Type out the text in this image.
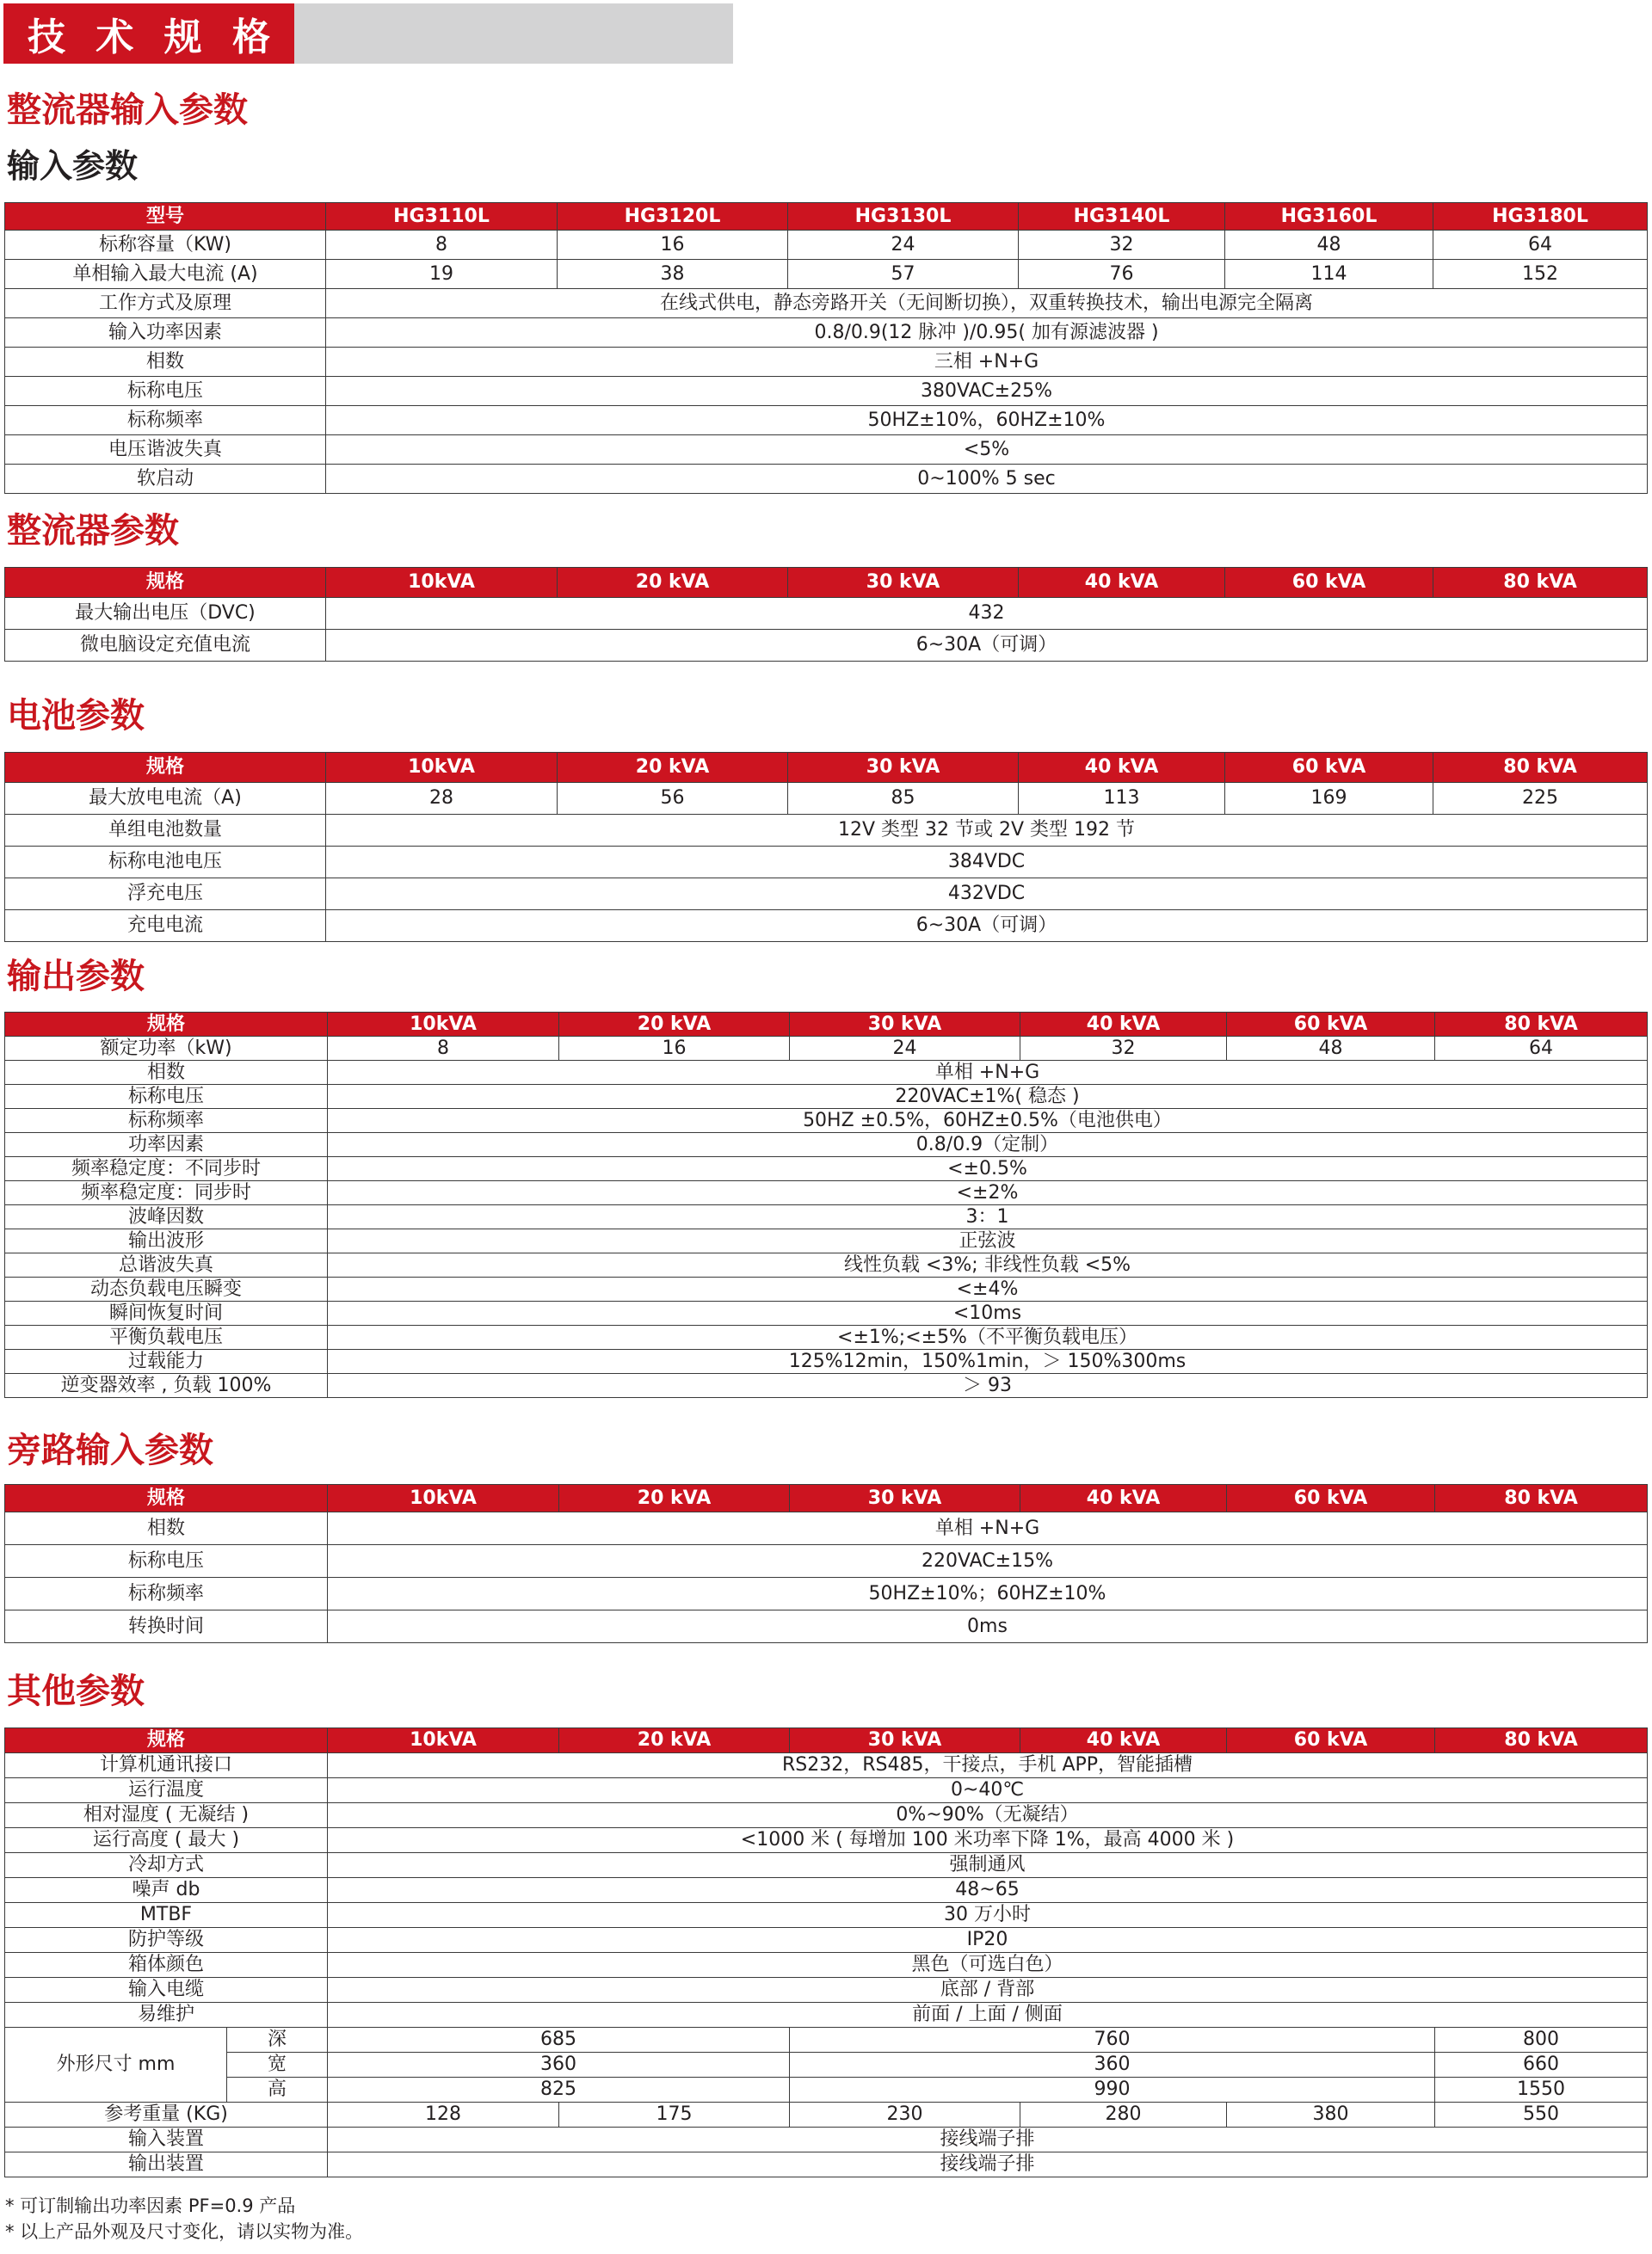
技 术 规 格
整流器输入参数
输入参数
型号	HG3110L	HG3120L	HG3130L	HG3140L	HG3160L	HG3180L
标称容量（KW)	8	16	24	32	48	64
单相输入最大电流 (A)	19	38	57	76	114	152
工作方式及原理	在线式供电，静态旁路开关（无间断切换），双重转换技术，输出电源完全隔离					
输入功率因素	0.8/0.9(12 脉冲 )/0.95( 加有源滤波器 )					
相数	三相 +N+G					
标称电压	380VAC±25%					
标称频率	50HZ±10%，60HZ±10%					
电压谐波失真	<5%					
软启动	0~100% 5 sec					
整流器参数
规格	10kVA	20 kVA	30 kVA	40 kVA	60 kVA	80 kVA
最大输出电压（DVC)	432					
微电脑设定充值电流	6~30A（可调）					
电池参数
规格	10kVA	20 kVA	30 kVA	40 kVA	60 kVA	80 kVA
最大放电电流（A)	28	56	85	113	169	225
单组电池数量	12V 类型 32 节或 2V 类型 192 节					
标称电池电压	384VDC					
浮充电压	432VDC					
充电电流	6~30A（可调）					
输出参数
规格	10kVA	20 kVA	30 kVA	40 kVA	60 kVA	80 kVA
额定功率（kW)	8	16	24	32	48	64
相数	单相 +N+G					
标称电压	220VAC±1%( 稳态 )					
标称频率	50HZ ±0.5%，60HZ±0.5%（电池供电）					
功率因素	0.8/0.9（定制）					
频率稳定度：不同步时	<±0.5%					
频率稳定度：同步时	<±2%					
波峰因数	3：1					
输出波形	正弦波					
总谐波失真	线性负载 <3%; 非线性负载 <5%					
动态负载电压瞬变	<±4%					
瞬间恢复时间	<10ms					
平衡负载电压	<±1%;<±5%（不平衡负载电压）					
过载能力	125%12min，150%1min，＞ 150%300ms					
逆变器效率 , 负载 100%	＞ 93					
旁路输入参数
规格	10kVA	20 kVA	30 kVA	40 kVA	60 kVA	80 kVA
相数	单相 +N+G					
标称电压	220VAC±15%					
标称频率	50HZ±10%；60HZ±10%					
转换时间	0ms					
其他参数
规格		10kVA	20 kVA	30 kVA	40 kVA	60 kVA	80 kVA
计算机通讯接口		RS232，RS485，干接点，手机 APP，智能插槽					
运行温度		0~40℃					
相对湿度 ( 无凝结 )		0%~90%（无凝结）					
运行高度 ( 最大 )		<1000 米 ( 每增加 100 米功率下降 1%，最高 4000 米 )					
冷却方式		强制通风					
噪声 db		48~65					
MTBF		30 万小时					
防护等级		IP20					
箱体颜色		黑色（可选白色）					
输入电缆		底部 / 背部					
易维护		前面 / 上面 / 侧面					
外形尺寸 mm	深	685		760			800
	宽	360		360			660
	高	825		990			1550
参考重量 (KG)		128	175	230	280	380	550
输入装置		接线端子排					
输出装置		接线端子排					
* 可订制输出功率因素 PF=0.9 产品
* 以上产品外观及尺寸变化，请以实物为准。
